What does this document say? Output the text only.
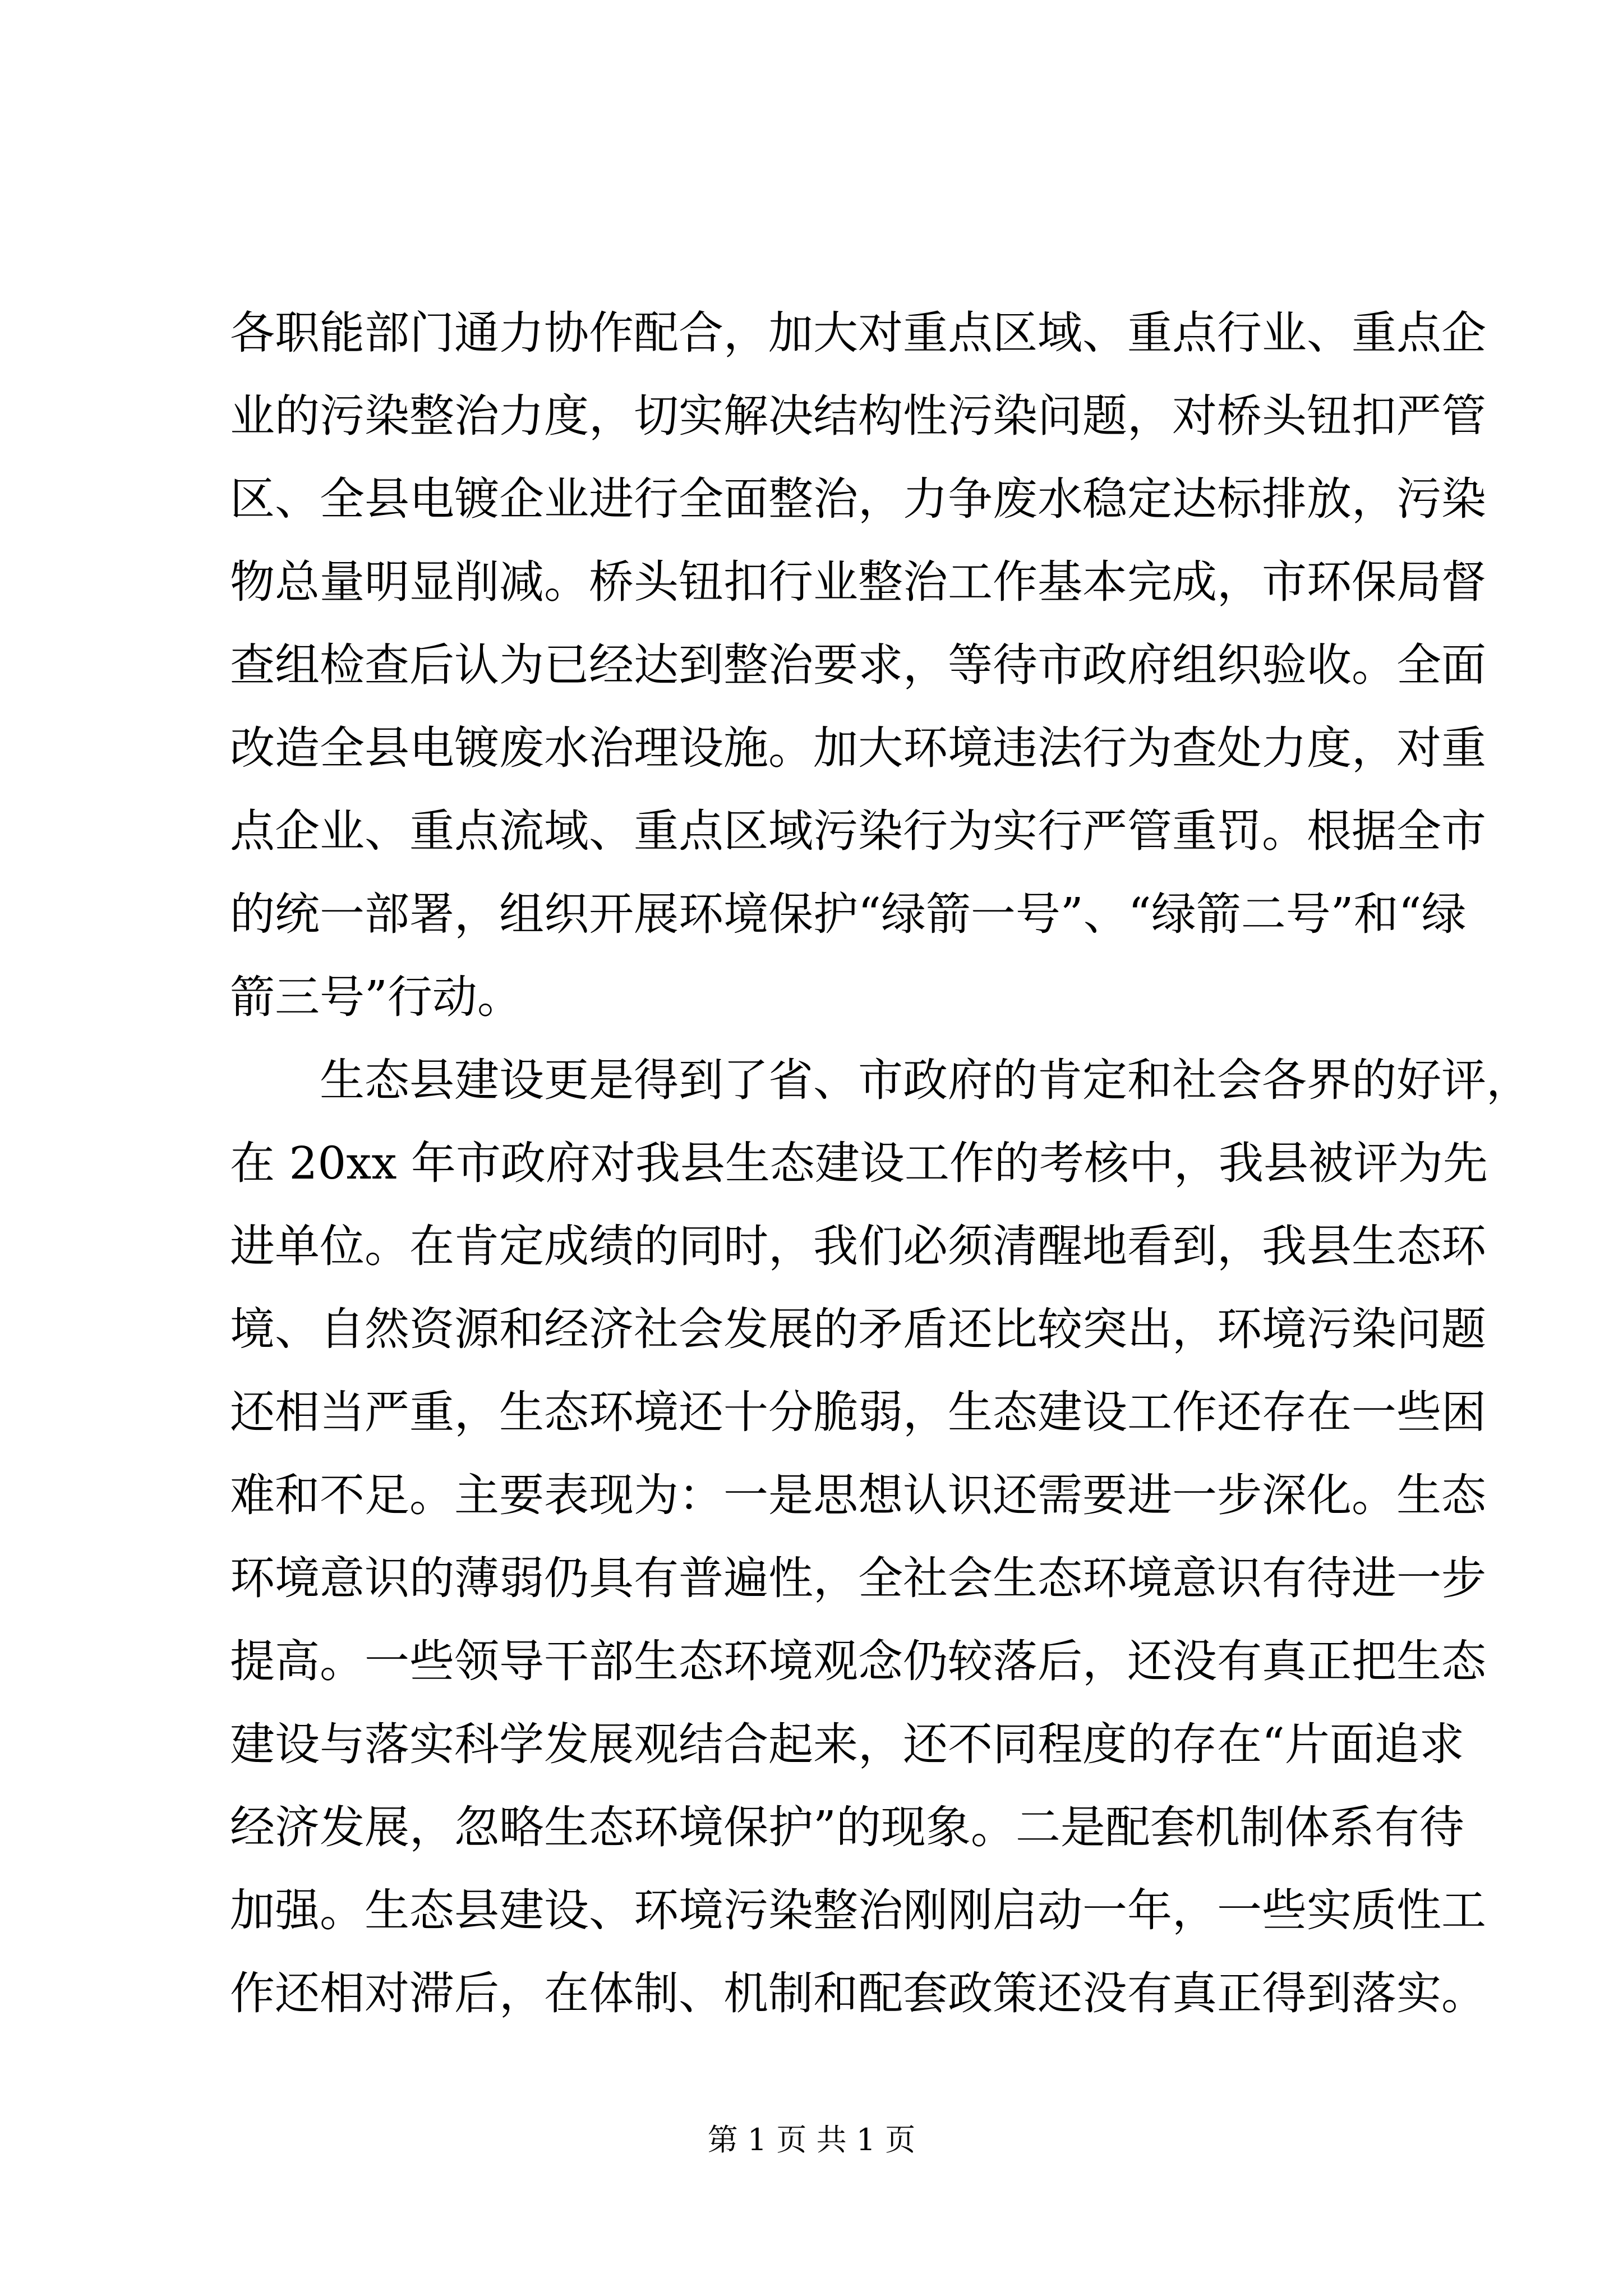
各职能部门通力协作配合，加大对重点区域、重点行业、重点企
业的污染整治力度，切实解决结构性污染问题，对桥头钮扣严管
区、全县电镀企业进行全面整治，力争废水稳定达标排放，污染
物总量明显削减。桥头钮扣行业整治工作基本完成，市环保局督
查组检查后认为已经达到整治要求，等待市政府组织验收。全面
改造全县电镀废水治理设施。加大环境违法行为查处力度，对重
点企业、重点流域、重点区域污染行为实行严管重罚。根据全市
的统一部署，组织开展环境保护“绿箭一号”、“绿箭二号”和“绿
箭三号”行动。
生态县建设更是得到了省、市政府的肯定和社会各界的好评，
在 20xx 年市政府对我县生态建设工作的考核中，我县被评为先
进单位。在肯定成绩的同时，我们必须清醒地看到，我县生态环
境、自然资源和经济社会发展的矛盾还比较突出，环境污染问题
还相当严重，生态环境还十分脆弱，生态建设工作还存在一些困
难和不足。主要表现为：一是思想认识还需要进一步深化。生态
环境意识的薄弱仍具有普遍性，全社会生态环境意识有待进一步
提高。一些领导干部生态环境观念仍较落后，还没有真正把生态
建设与落实科学发展观结合起来，还不同程度的存在“片面追求
经济发展，忽略生态环境保护”的现象。二是配套机制体系有待
加强。生态县建设、环境污染整治刚刚启动一年，一些实质性工
作还相对滞后，在体制、机制和配套政策还没有真正得到落实。
第 1 页 共 1 页
